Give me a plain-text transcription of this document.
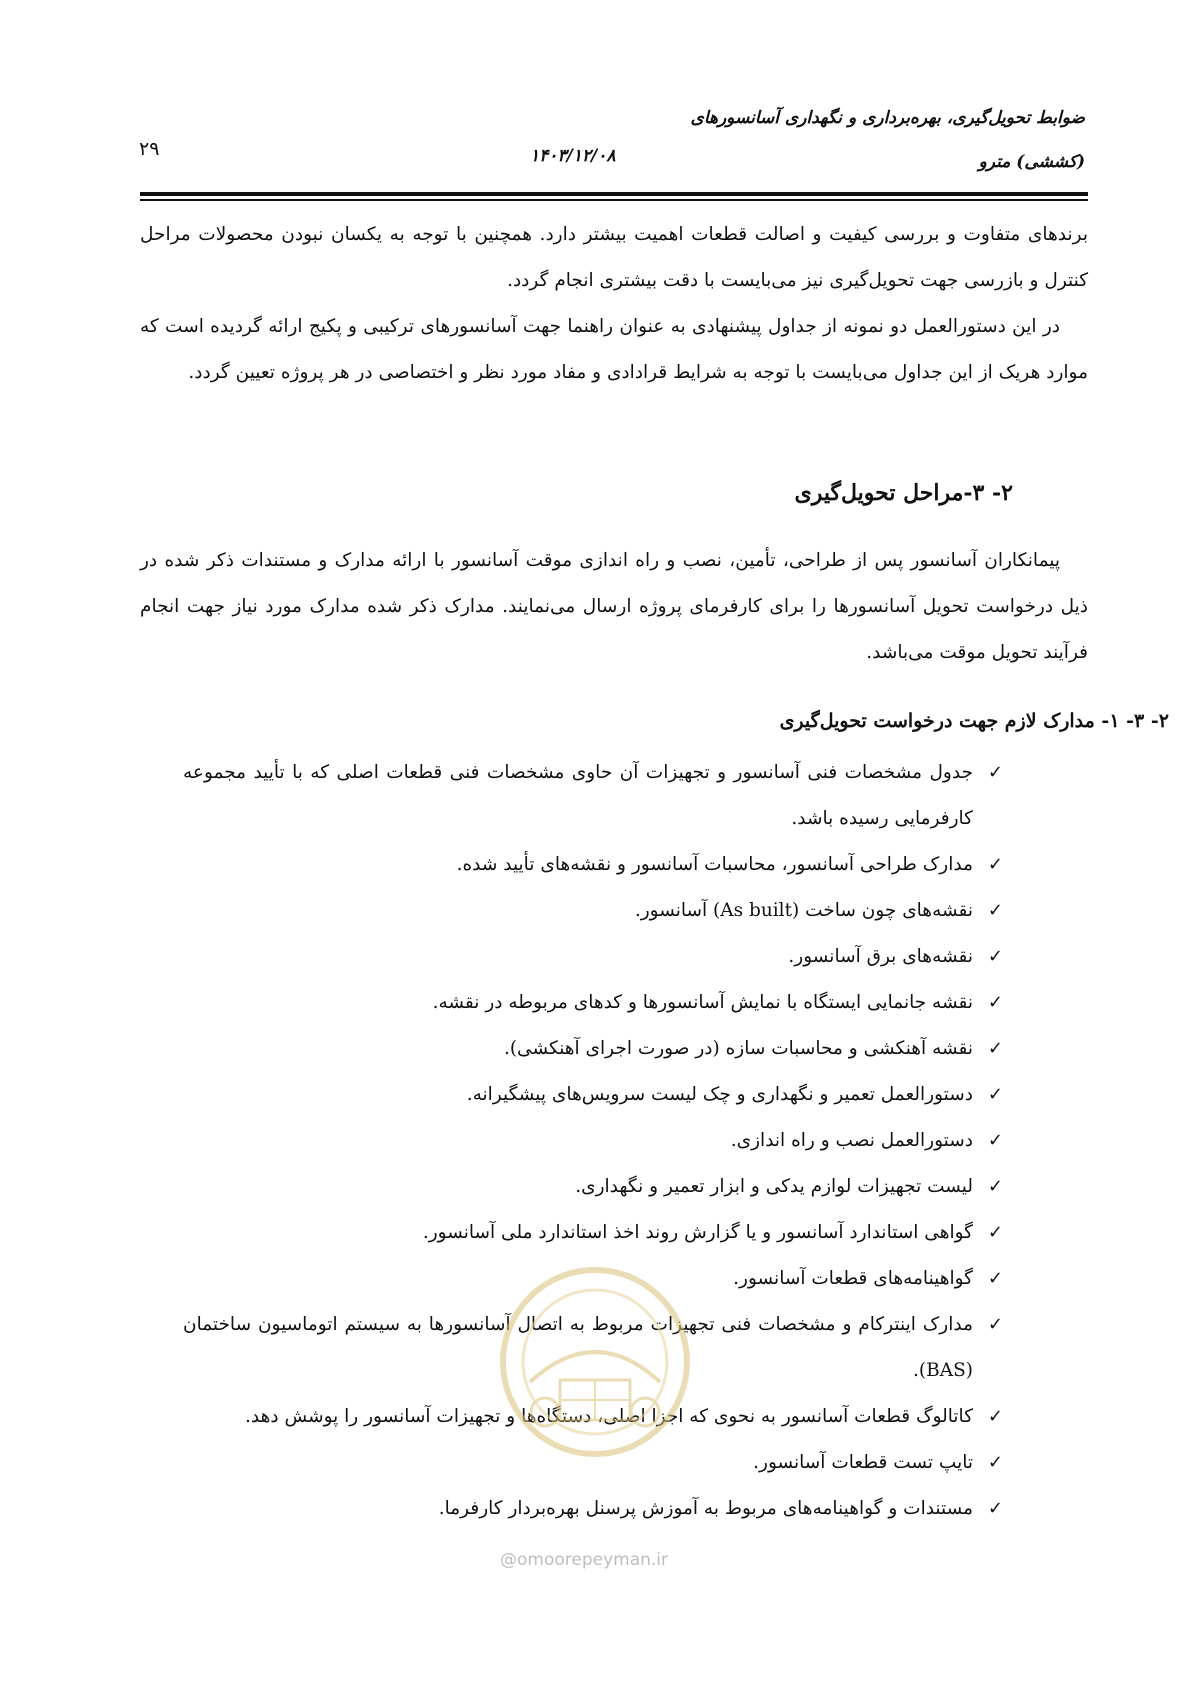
ضوابط تحویل‌گیری، بهره‌برداری و نگهداری آسانسورهای
(کششی) مترو
۱۴۰۳/۱۲/۰۸
۲۹

برندهای متفاوت و بررسی کیفیت و اصالت قطعات اهمیت بیشتر دارد. همچنین با توجه به یکسان نبودن محصولات مراحل کنترل و بازرسی جهت تحویل‌گیری نیز می‌بایست با دقت بیشتری انجام گردد.

در این دستورالعمل دو نمونه از جداول پیشنهادی به عنوان راهنما جهت آسانسورهای ترکیبی و پکیج ارائه گردیده است که موارد هریک از این جداول می‌بایست با توجه به شرایط قرادادی و مفاد مورد نظر و اختصاصی در هر پروژه تعیین گردد.

۲- ۳-مراحل تحویل‌گیری

پیمانکاران آسانسور پس از طراحی، تأمین، نصب و راه اندازی موقت آسانسور با ارائه مدارک و مستندات ذکر شده در ذیل درخواست تحویل آسانسورها را برای کارفرمای پروژه ارسال می‌نمایند. مدارک ذکر شده مدارک مورد نیاز جهت انجام فرآیند تحویل موقت می‌باشد.

۲- ۳- ۱- مدارک لازم جهت درخواست تحویل‌گیری
✓
جدول مشخصات فنی آسانسور و تجهیزات آن حاوی مشخصات فنی قطعات اصلی که با تأیید مجموعه کارفرمایی رسیده باشد.
✓
مدارک طراحی آسانسور، محاسبات آسانسور و نقشه‌های تأیید شده.
✓
نقشه‌های چون ساخت (As built) آسانسور.
✓
نقشه‌های برق آسانسور.
✓
نقشه جانمایی ایستگاه با نمایش آسانسورها و کدهای مربوطه در نقشه.
✓
نقشه آهنکشی و محاسبات سازه (در صورت اجرای آهنکشی).
✓
دستورالعمل تعمیر و نگهداری و چک لیست سرویس‌های پیشگیرانه.
✓
دستورالعمل نصب و راه اندازی.
✓
لیست تجهیزات لوازم یدکی و ابزار تعمیر و نگهداری.
✓
گواهی استاندارد آسانسور و یا گزارش روند اخذ استاندارد ملی آسانسور.
✓
گواهینامه‌های قطعات آسانسور.
✓
مدارک اینترکام و مشخصات فنی تجهیزات مربوط به اتصال آسانسورها به سیستم اتوماسیون ساختمان (BAS).
✓
کاتالوگ قطعات آسانسور به نحوی که اجزا اصلی، دستگاه‌ها و تجهیزات آسانسور را پوشش دهد.
✓
تایپ تست قطعات آسانسور.
✓
مستندات و گواهینامه‌های مربوط به آموزش پرسنل بهره‌بردار کارفرما.
@omoorepeyman.ir
